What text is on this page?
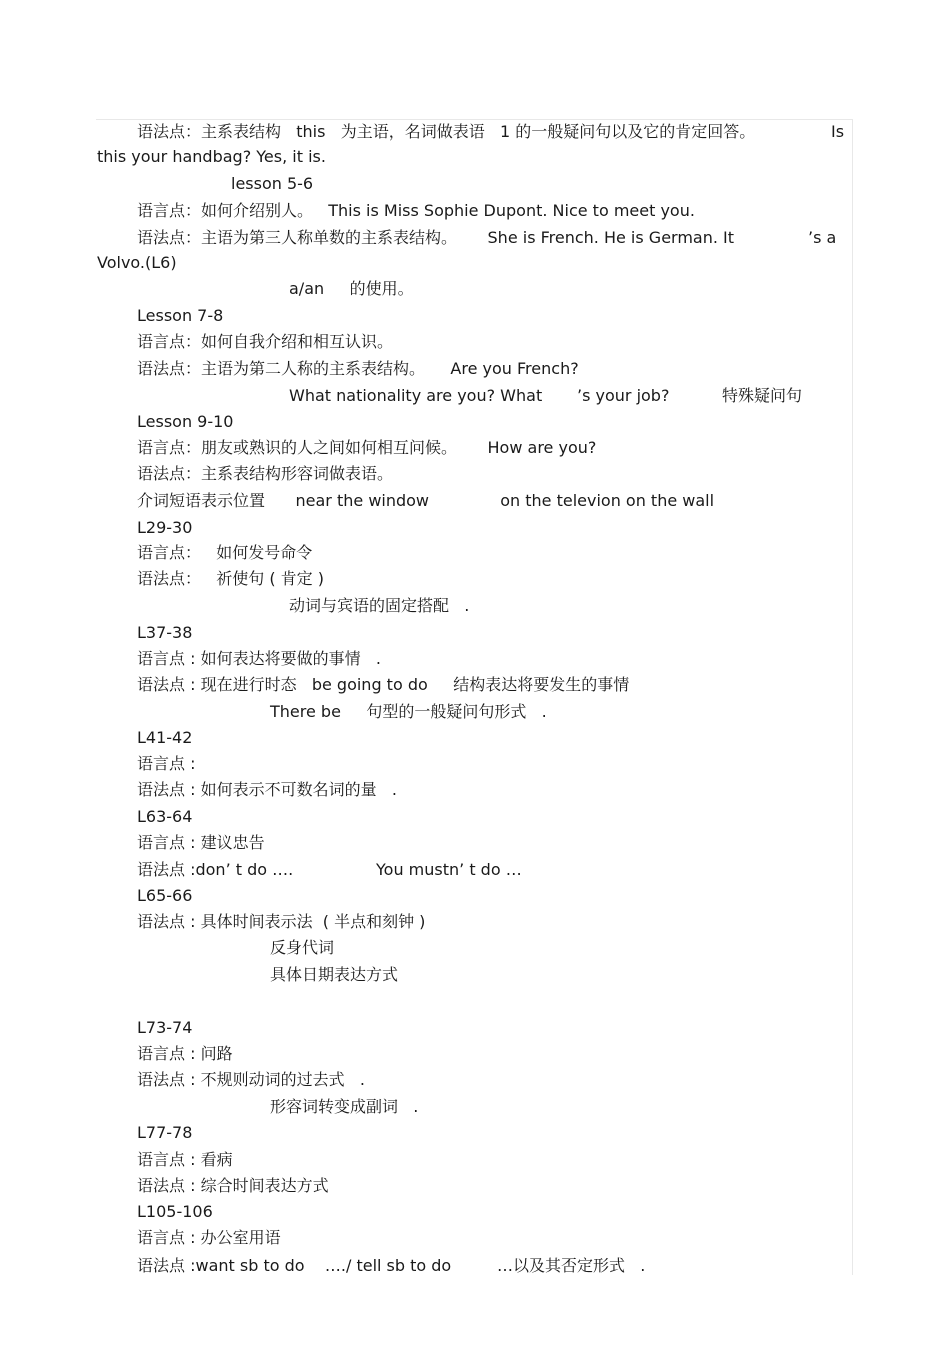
语法点：主系表结构   this   为主语，名词做表语   1 的一般疑问句以及它的肯定回答。	Is
this your handbag? Yes, it is.
lesson 5-6
语言点：如何介绍别人。   This is Miss Sophie Dupont. Nice to meet you.
语法点：主语为第三人称单数的主系表结构。      She is French. He is German. It	’s a
Volvo.(L6)
a/an     的使用。
Lesson 7-8
语言点：如何自我介绍和相互认识。
语法点：主语为第二人称的主系表结构。     Are you French?
What nationality are you? What ’s your job?	特殊疑问句
Lesson 9-10
语言点：朋友或熟识的人之间如何相互问候。      How are you?
语法点：主系表结构形容词做表语。
介词短语表示位置      near the window              on the televion on the wall
L29-30
语言点：   如何发号命令
语法点：   祈使句 ( 肯定 )
动词与宾语的固定搭配   .
L37-38
语言点 : 如何表达将要做的事情   .
语法点 : 现在进行时态   be going to do     结构表达将要发生的事情
There be     句型的一般疑问句形式   .
L41-42
语言点 :
语法点 : 如何表示不可数名词的量   .
L63-64
语言点 : 建议忠告
语法点 :don’ t do ….	You mustn’ t do …
L65-66
语法点 : 具体时间表示法  ( 半点和刻钟 )
反身代词
具体日期表达方式
L73-74
语言点 : 问路
语法点 : 不规则动词的过去式   .
形容词转变成副词   .
L77-78
语言点 : 看病
语法点 : 综合时间表达方式
L105-106
语言点 : 办公室用语
语法点 :want sb to do    …./ tell sb to do         …以及其否定形式   .
